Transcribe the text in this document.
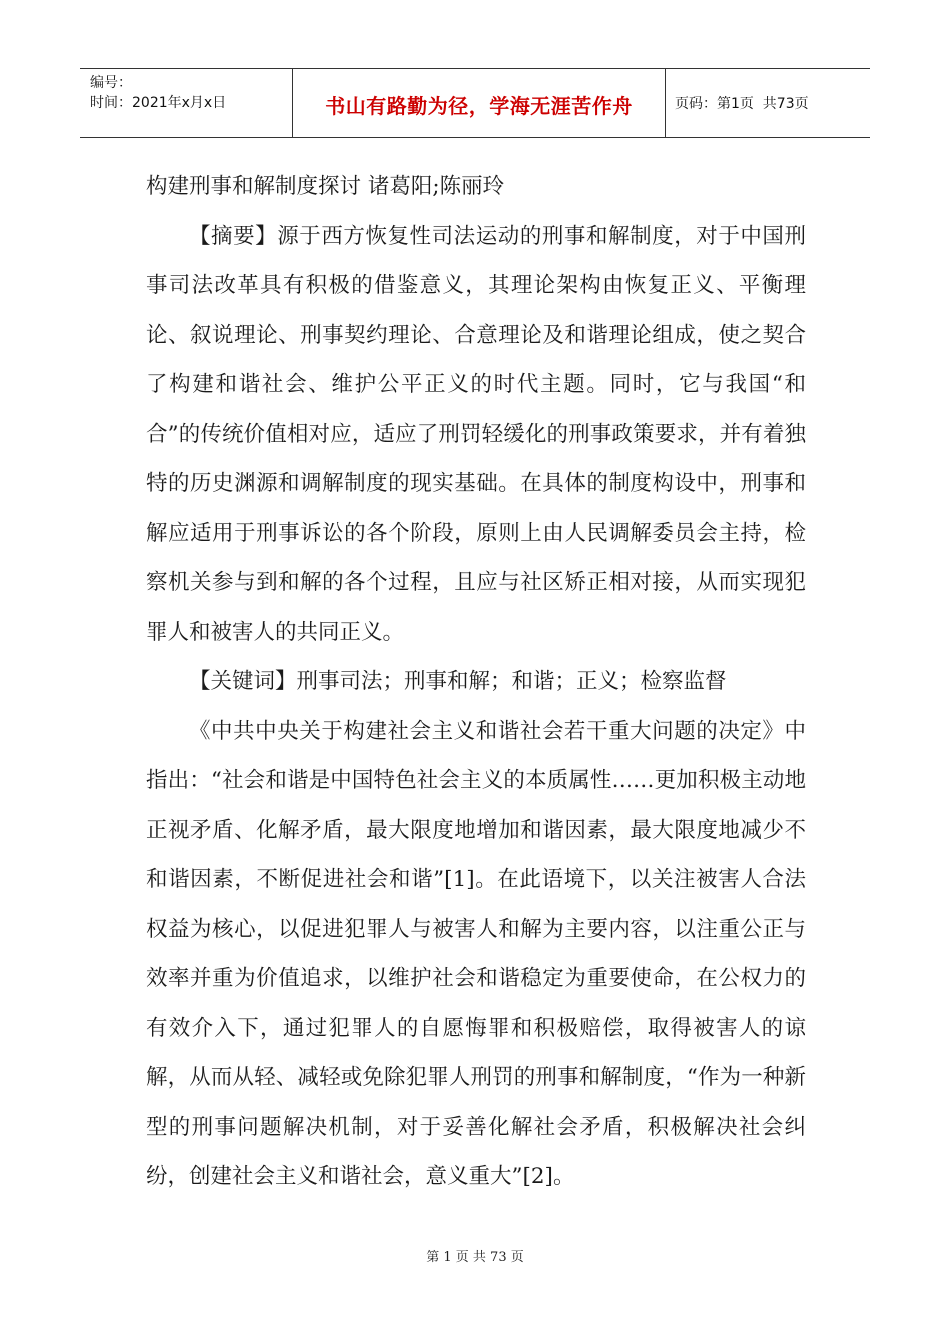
编号：
时间：2021年x月x日	书山有路勤为径，学海无涯苦作舟	页码：第1页  共73页

构建刑事和解制度探讨 诸葛阳;陈丽玲

【摘要】源于西方恢复性司法运动的刑事和解制度，对于中国刑事司法改革具有积极的借鉴意义，其理论架构由恢复正义、平衡理论、叙说理论、刑事契约理论、合意理论及和谐理论组成，使之契合了构建和谐社会、维护公平正义的时代主题。同时，它与我国“和合”的传统价值相对应，适应了刑罚轻缓化的刑事政策要求，并有着独特的历史渊源和调解制度的现实基础。在具体的制度构设中，刑事和解应适用于刑事诉讼的各个阶段，原则上由人民调解委员会主持，检察机关参与到和解的各个过程，且应与社区矫正相对接，从而实现犯罪人和被害人的共同正义。

【关键词】刑事司法；刑事和解；和谐；正义；检察监督

《中共中央关于构建社会主义和谐社会若干重大问题的决定》中指出：“社会和谐是中国特色社会主义的本质属性……更加积极主动地正视矛盾、化解矛盾，最大限度地增加和谐因素，最大限度地减少不和谐因素，不断促进社会和谐”[1]。在此语境下，以关注被害人合法权益为核心，以促进犯罪人与被害人和解为主要内容，以注重公正与效率并重为价值追求，以维护社会和谐稳定为重要使命，在公权力的有效介入下，通过犯罪人的自愿悔罪和积极赔偿，取得被害人的谅解，从而从轻、减轻或免除犯罪人刑罚的刑事和解制度，“作为一种新型的刑事问题解决机制，对于妥善化解社会矛盾，积极解决社会纠纷，创建社会主义和谐社会，意义重大”[2]。

第 1 页 共 73 页
